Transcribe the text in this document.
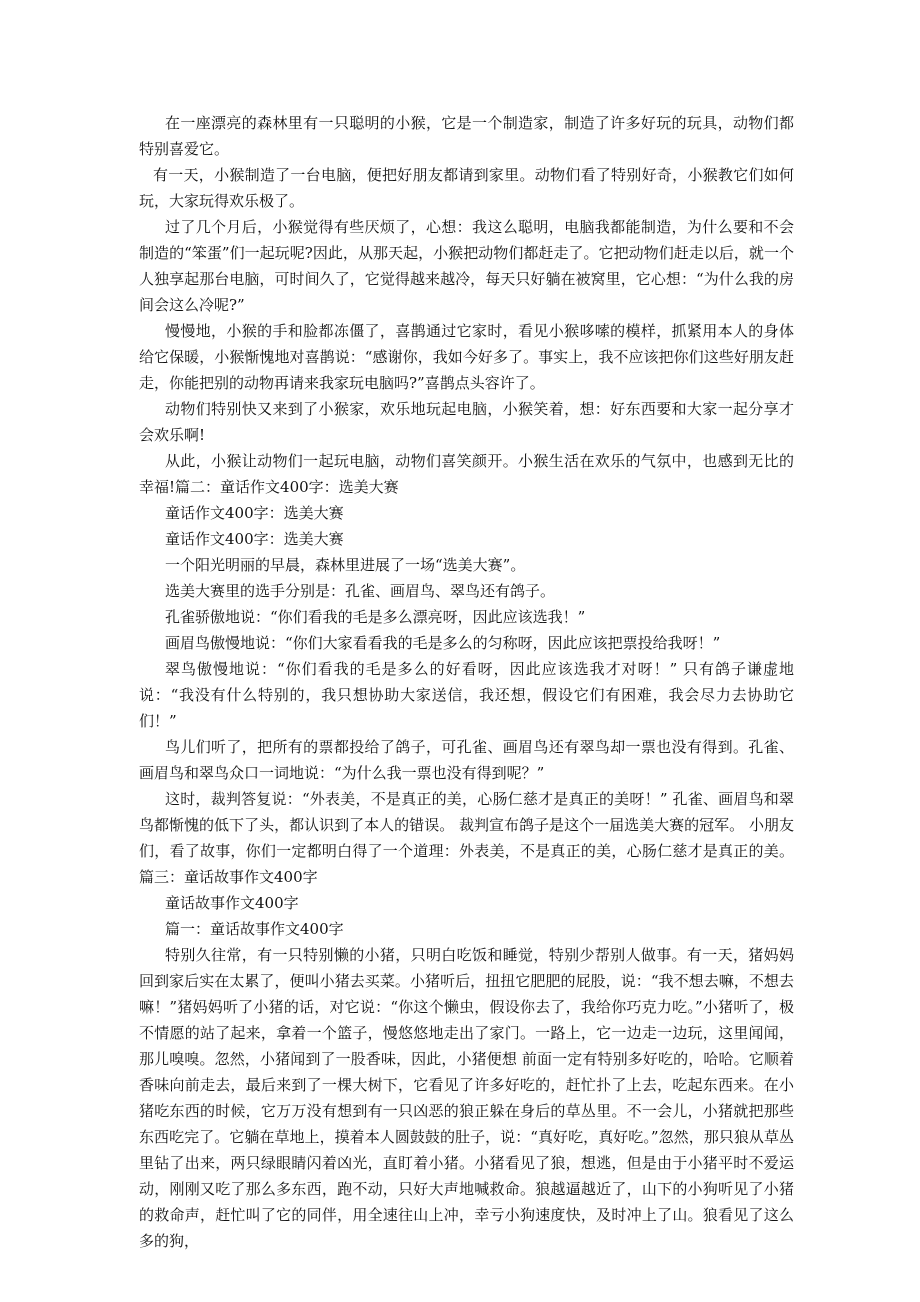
在一座漂亮的森林里有一只聪明的小猴，它是一个制造家，制造了许多好玩的玩具，动物们都特别喜爱它。

有一天，小猴制造了一台电脑，便把好朋友都请到家里。动物们看了特别好奇，小猴教它们如何玩，大家玩得欢乐极了。

过了几个月后，小猴觉得有些厌烦了，心想：我这么聪明，电脑我都能制造，为什么要和不会制造的“笨蛋”们一起玩呢?因此，从那天起，小猴把动物们都赶走了。它把动物们赶走以后，就一个人独享起那台电脑，可时间久了，它觉得越来越冷，每天只好躺在被窝里，它心想：“为什么我的房间会这么冷呢?”

慢慢地，小猴的手和脸都冻僵了，喜鹊通过它家时，看见小猴哆嗦的模样，抓紧用本人的身体给它保暖，小猴惭愧地对喜鹊说：“感谢你，我如今好多了。事实上，我不应该把你们这些好朋友赶走，你能把别的动物再请来我家玩电脑吗?”喜鹊点头容许了。

动物们特别快又来到了小猴家，欢乐地玩起电脑，小猴笑着，想：好东西要和大家一起分享才会欢乐啊!

从此，小猴让动物们一起玩电脑，动物们喜笑颜开。小猴生活在欢乐的气氛中，也感到无比的幸福!篇二：童话作文400字：选美大赛

童话作文400字：选美大赛

童话作文400字：选美大赛

一个阳光明丽的早晨，森林里进展了一场“选美大赛”。

选美大赛里的选手分别是：孔雀、画眉鸟、翠鸟还有鸽子。

孔雀骄傲地说：“你们看我的毛是多么漂亮呀，因此应该选我！”

画眉鸟傲慢地说：“你们大家看看我的毛是多么的匀称呀，因此应该把票投给我呀！”

翠鸟傲慢地说：“你们看我的毛是多么的好看呀，因此应该选我才对呀！” 只有鸽子谦虚地说：“我没有什么特别的，我只想协助大家送信，我还想，假设它们有困难，我会尽力去协助它们！”

鸟儿们听了，把所有的票都投给了鸽子，可孔雀、画眉鸟还有翠鸟却一票也没有得到。孔雀、画眉鸟和翠鸟众口一词地说：“为什么我一票也没有得到呢？”

这时，裁判答复说：“外表美，不是真正的美，心肠仁慈才是真正的美呀！” 孔雀、画眉鸟和翠鸟都惭愧的低下了头，都认识到了本人的错误。 裁判宣布鸽子是这个一届选美大赛的冠军。 小朋友们，看了故事，你们一定都明白得了一个道理：外表美，不是真正的美，心肠仁慈才是真正的美。篇三：童话故事作文400字

童话故事作文400字

篇一：童话故事作文400字

特别久往常，有一只特别懒的小猪，只明白吃饭和睡觉，特别少帮别人做事。有一天，猪妈妈回到家后实在太累了，便叫小猪去买菜。小猪听后，扭扭它肥肥的屁股，说：“我不想去嘛，不想去嘛！”猪妈妈听了小猪的话，对它说：“你这个懒虫，假设你去了，我给你巧克力吃。”小猪听了，极不情愿的站了起来，拿着一个篮子，慢悠悠地走出了家门。一路上，它一边走一边玩，这里闻闻，那儿嗅嗅。忽然，小猪闻到了一股香味，因此，小猪便想 前面一定有特别多好吃的，哈哈。它顺着香味向前走去，最后来到了一棵大树下，它看见了许多好吃的，赶忙扑了上去，吃起东西来。在小猪吃东西的时候，它万万没有想到有一只凶恶的狼正躲在身后的草丛里。不一会儿，小猪就把那些东西吃完了。它躺在草地上，摸着本人圆鼓鼓的肚子，说：“真好吃，真好吃。”忽然，那只狼从草丛里钻了出来，两只绿眼睛闪着凶光，直盯着小猪。小猪看见了狼，想逃，但是由于小猪平时不爱运动，刚刚又吃了那么多东西，跑不动，只好大声地喊救命。狼越逼越近了，山下的小狗听见了小猪的救命声，赶忙叫了它的同伴，用全速往山上冲，幸亏小狗速度快，及时冲上了山。狼看见了这么多的狗，
